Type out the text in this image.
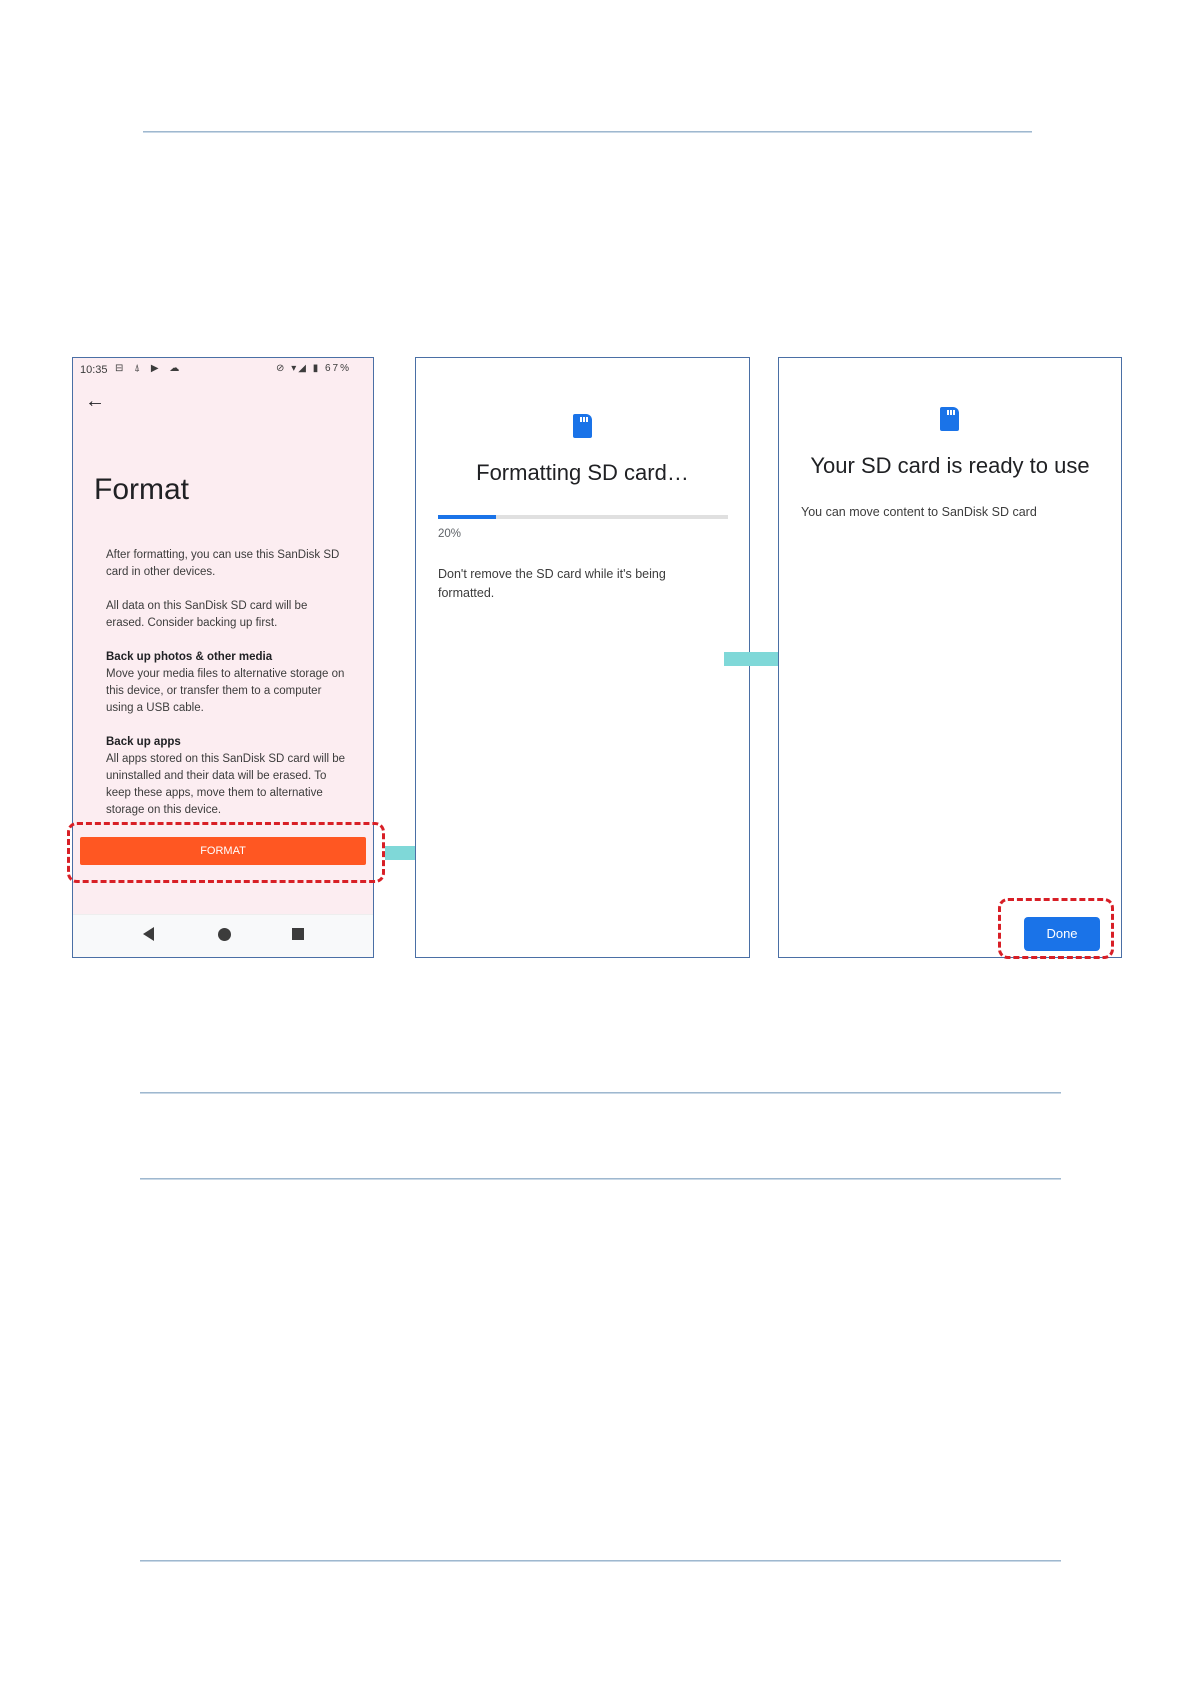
10:35 ⊟ ⍋ ▶ ☁	⊘ ▾◢ ▮ 67%
←
Format
After formatting, you can use this SanDisk SD card in other devices.
All data on this SanDisk SD card will be erased. Consider backing up first.
Back up photos & other media
Move your media files to alternative storage on this device, or transfer them to a computer using a USB cable.
Back up apps
All apps stored on this SanDisk SD card will be uninstalled and their data will be erased. To keep these apps, move them to alternative storage on this device.
FORMAT
Formatting SD card…
20%
Don't remove the SD card while it's being formatted.
Your SD card is ready to use
You can move content to SanDisk SD card
Done
